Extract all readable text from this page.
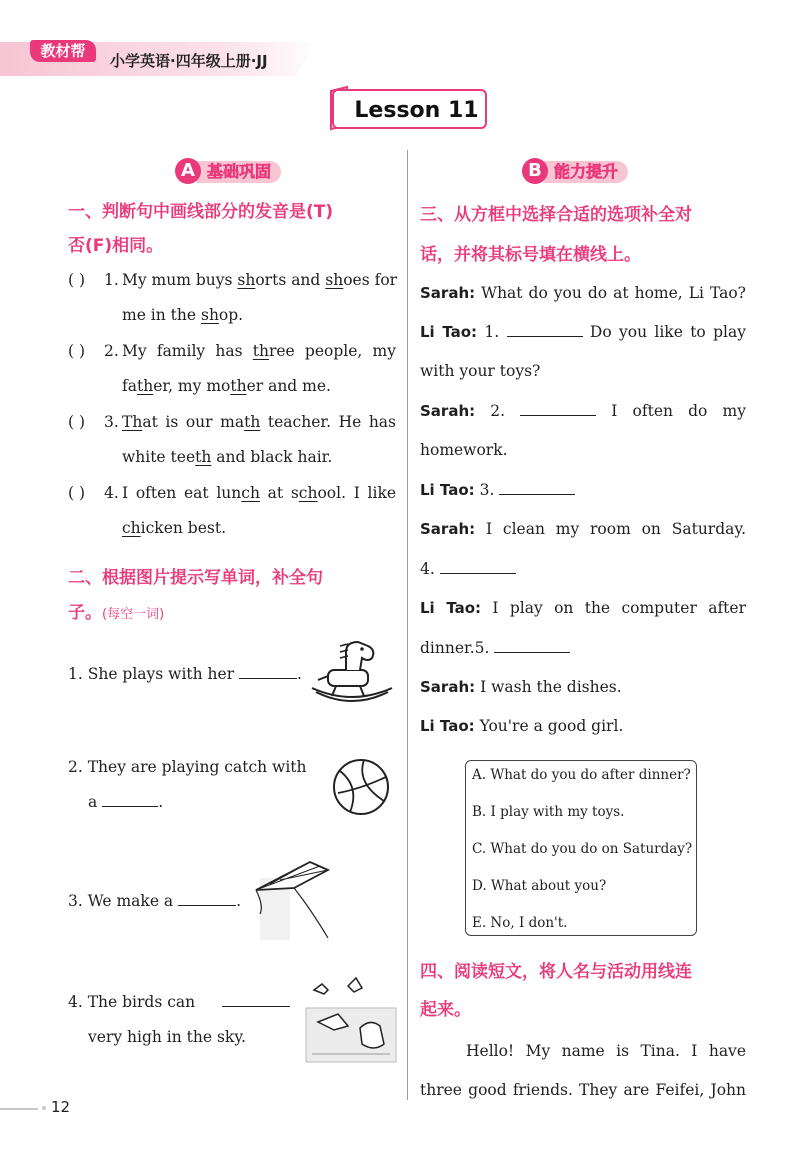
教材帮
小学英语·四年级上册·JJ
Lesson 11
基础巩固
A
一、判断句中画线部分的发音是(T)
否(F)相同。
( ) 1. My mum buys shorts and shoes for
me in the shop.
( ) 2. My family has three people, my
father, my mother and me.
( ) 3. That is our math teacher. He has
white teeth and black hair.
( ) 4. I often eat lunch at school. I like
chicken best.
二、根据图片提示写单词，补全句
子。(每空一词)
1. She plays with her	.
2. They are playing catch with
a	.
3. We make a	.
4. The birds can
very high in the sky.
能力提升
B
三、从方框中选择合适的选项补全对
话，并将其标号填在横线上。
Sarah: What do you do at home, Li Tao?
Li Tao: 1.	Do you like to play
with your toys?
Sarah: 2.	I often do my
homework.
Li Tao: 3.
Sarah: I clean my room on Saturday.
4.
Li Tao: I play on the computer after
dinner.5.
Sarah: I wash the dishes.
Li Tao: You're a good girl.
A. What do you do after dinner?
B. I play with my toys.
C. What do you do on Saturday?
D. What about you?
E. No, I don't.
四、阅读短文，将人名与活动用线连
起来。
Hello! My name is Tina. I have
three good friends. They are Feifei, John
12
